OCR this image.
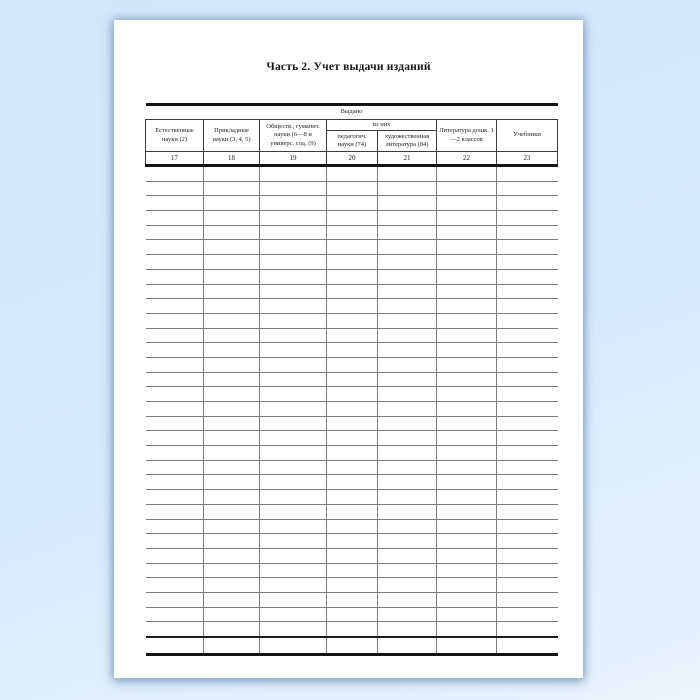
Часть 2. Учет выдачи изданий
Выдано						
Естественные науки (2)	Прикладные науки (3, 4, 5)	Обществ., гуманит. науки (6—8 и универс. сод. (9)	из них		Литература дошк. 1—2 классов	Учебники
			педагогич. науки (74)	художественная литература (84)		
17	18	19	20	21	22	23
